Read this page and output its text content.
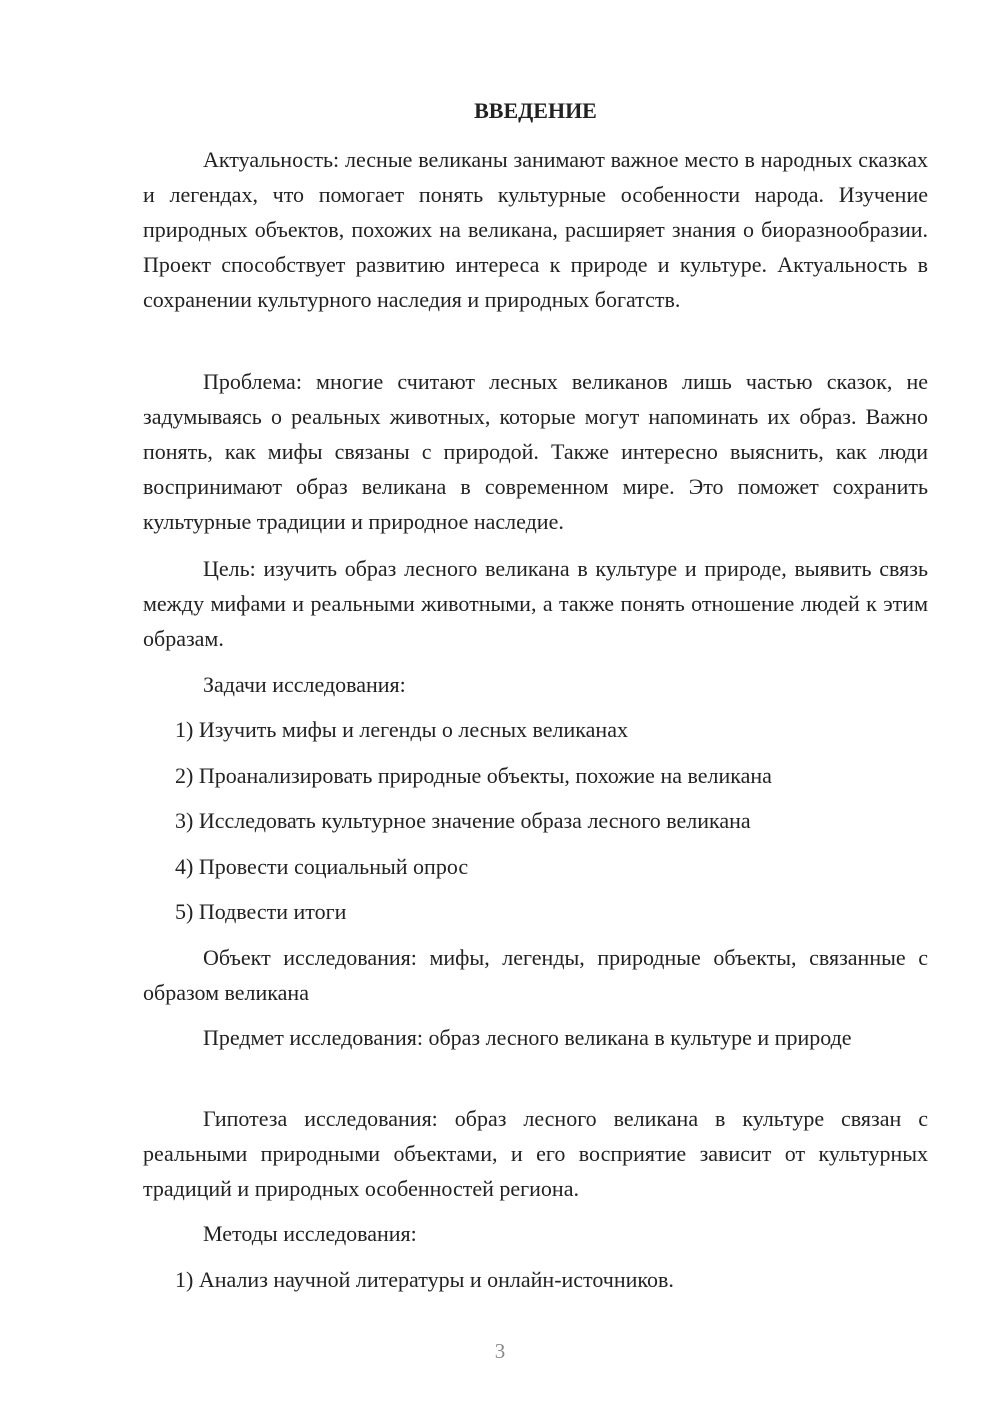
ВВЕДЕНИЕ

Актуальность: лесные великаны занимают важное место в народных сказках и легендах, что помогает понять культурные особенности народа. Изучение природных объектов, похожих на великана, расширяет знания о биоразнообразии. Проект способствует развитию интереса к природе и культуре. Актуальность в сохранении культурного наследия и природных богатств.

Проблема: многие считают лесных великанов лишь частью сказок, не задумываясь о реальных животных, которые могут напоминать их образ. Важно понять, как мифы связаны с природой. Также интересно выяснить, как люди воспринимают образ великана в современном мире. Это поможет сохранить культурные традиции и природное наследие.

Цель: изучить образ лесного великана в культуре и природе, выявить связь между мифами и реальными животными, а также понять отношение людей к этим образам.

Задачи исследования:

1) Изучить мифы и легенды о лесных великанах

2) Проанализировать природные объекты, похожие на великана

3) Исследовать культурное значение образа лесного великана

4) Провести социальный опрос

5) Подвести итоги

Объект исследования: мифы, легенды, природные объекты, связанные с образом великана

Предмет исследования: образ лесного великана в культуре и природе

Гипотеза исследования: образ лесного великана в культуре связан с реальными природными объектами, и его восприятие зависит от культурных традиций и природных особенностей региона.

Методы исследования:

1) Анализ научной литературы и онлайн-источников.

3
